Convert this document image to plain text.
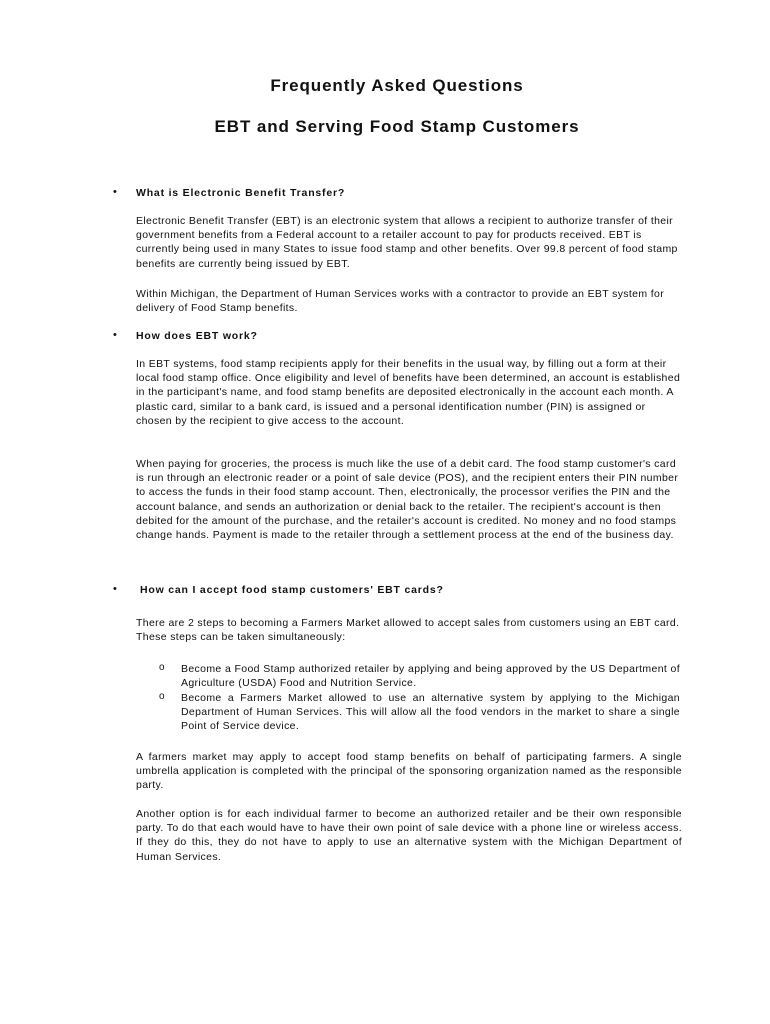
Frequently Asked Questions
EBT and Serving Food Stamp Customers
• What is Electronic Benefit Transfer?

Electronic Benefit Transfer (EBT) is an electronic system that allows a recipient to authorize transfer of their government benefits from a Federal account to a retailer account to pay for products received. EBT is currently being used in many States to issue food stamp and other benefits. Over 99.8 percent of food stamp benefits are currently being issued by EBT.

Within Michigan, the Department of Human Services works with a contractor to provide an EBT system for delivery of Food Stamp benefits.

• How does EBT work?

In EBT systems, food stamp recipients apply for their benefits in the usual way, by filling out a form at their local food stamp office. Once eligibility and level of benefits have been determined, an account is established in the participant's name, and food stamp benefits are deposited electronically in the account each month. A plastic card, similar to a bank card, is issued and a personal identification number (PIN) is assigned or chosen by the recipient to give access to the account.

When paying for groceries, the process is much like the use of a debit card. The food stamp customer's card is run through an electronic reader or a point of sale device (POS), and the recipient enters their PIN number to access the funds in their food stamp account. Then, electronically, the processor verifies the PIN and the account balance, and sends an authorization or denial back to the retailer. The recipient's account is then debited for the amount of the purchase, and the retailer's account is credited. No money and no food stamps change hands. Payment is made to the retailer through a settlement process at the end of the business day.

• How can I accept food stamp customers' EBT cards?

There are 2 steps to becoming a Farmers Market allowed to accept sales from customers using an EBT card. These steps can be taken simultaneously:

o Become a Food Stamp authorized retailer by applying and being approved by the US Department of Agriculture (USDA) Food and Nutrition Service.

o Become a Farmers Market allowed to use an alternative system by applying to the Michigan Department of Human Services. This will allow all the food vendors in the market to share a single Point of Service device.

A farmers market may apply to accept food stamp benefits on behalf of participating farmers. A single umbrella application is completed with the principal of the sponsoring organization named as the responsible party.

Another option is for each individual farmer to become an authorized retailer and be their own responsible party. To do that each would have to have their own point of sale device with a phone line or wireless access. If they do this, they do not have to apply to use an alternative system with the Michigan Department of Human Services.
